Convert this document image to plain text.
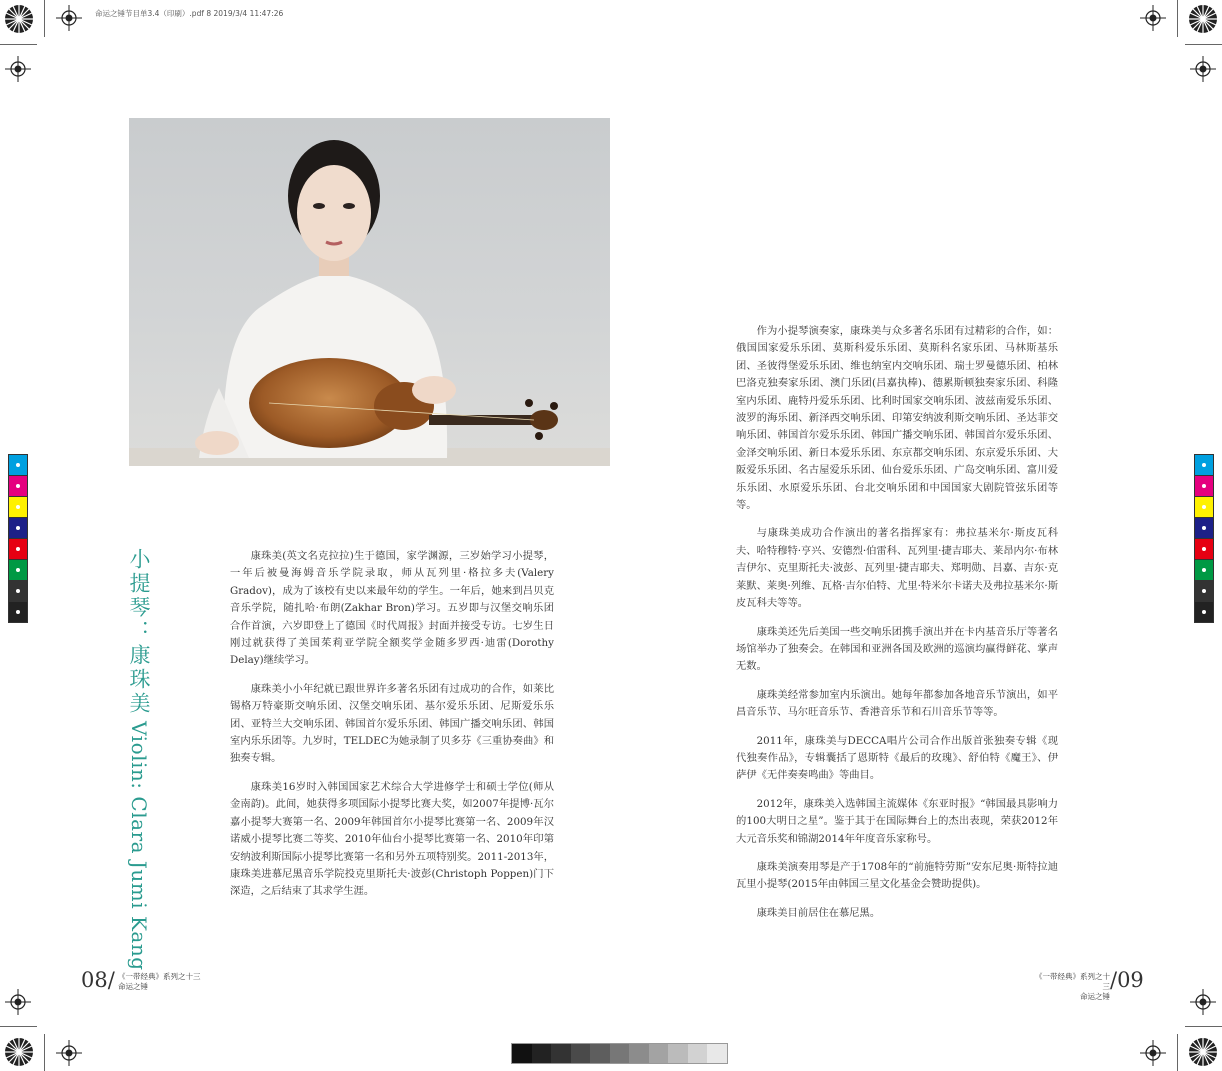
命运之锤节目单3.4（印刷）.pdf 8 2019/3/4 11:47:26
小提琴：康珠美 Violin: Clara Jumi Kang

康珠美(英文名克拉拉)生于德国，家学渊源，三岁始学习小提琴，一年后被曼海姆音乐学院录取，师从瓦列里·格拉多夫(Valery Gradov)，成为了该校有史以来最年幼的学生。一年后，她来到吕贝克音乐学院，随扎哈·布朗(Zakhar Bron)学习。五岁即与汉堡交响乐团合作首演，六岁即登上了德国《时代周报》封面并接受专访。七岁生日刚过就获得了美国茱莉亚学院全额奖学金随多罗西·迪雷(Dorothy Delay)继续学习。

康珠美小小年纪就已跟世界许多著名乐团有过成功的合作，如莱比锡格万特豪斯交响乐团、汉堡交响乐团、基尔爱乐乐团、尼斯爱乐乐团、亚特兰大交响乐团、韩国首尔爱乐乐团、韩国广播交响乐团、韩国室内乐乐团等。九岁时，TELDEC为她录制了贝多芬《三重协奏曲》和独奏专辑。

康珠美16岁时入韩国国家艺术综合大学进修学士和硕士学位(师从金南韵)。此间，她获得多项国际小提琴比赛大奖，如2007年提博·瓦尔嘉小提琴大赛第一名、2009年韩国首尔小提琴比赛第一名、2009年汉诺威小提琴比赛二等奖、2010年仙台小提琴比赛第一名、2010年印第安纳波利斯国际小提琴比赛第一名和另外五项特别奖。2011-2013年，康珠美进慕尼黑音乐学院投克里斯托夫·波彭(Christoph Poppen)门下深造，之后结束了其求学生涯。

作为小提琴演奏家，康珠美与众多著名乐团有过精彩的合作，如：俄国国家爱乐乐团、莫斯科爱乐乐团、莫斯科名家乐团、马林斯基乐团、圣彼得堡爱乐乐团、维也纳室内交响乐团、瑞士罗曼德乐团、柏林巴洛克独奏家乐团、澳门乐团(吕嘉执棒)、德累斯顿独奏家乐团、科隆室内乐团、鹿特丹爱乐乐团、比利时国家交响乐团、波兹南爱乐乐团、波罗的海乐团、新泽西交响乐团、印第安纳波利斯交响乐团、圣达菲交响乐团、韩国首尔爱乐乐团、韩国广播交响乐团、韩国首尔爱乐乐团、金泽交响乐团、新日本爱乐乐团、东京都交响乐团、东京爱乐乐团、大阪爱乐乐团、名古屋爱乐乐团、仙台爱乐乐团、广岛交响乐团、富川爱乐乐团、水原爱乐乐团、台北交响乐团和中国国家大剧院管弦乐团等等。

与康珠美成功合作演出的著名指挥家有：弗拉基米尔·斯皮瓦科夫、哈特穆特·亨兴、安德烈·伯雷科、瓦列里·捷吉耶夫、莱昂内尔·布林吉伊尔、克里斯托夫·波彭、瓦列里·捷吉耶夫、郑明勋、吕嘉、吉东·克莱默、莱奥·列维、瓦格·吉尔伯特、尤里·特米尔卡诺夫及弗拉基米尔·斯皮瓦科夫等等。

康珠美还先后美国一些交响乐团携手演出并在卡内基音乐厅等著名场馆举办了独奏会。在韩国和亚洲各国及欧洲的巡演均赢得鲜花、掌声无数。

康珠美经常参加室内乐演出。她每年都参加各地音乐节演出，如平昌音乐节、马尔旺音乐节、香港音乐节和石川音乐节等等。

2011年，康珠美与DECCA唱片公司合作出版首张独奏专辑《现代独奏作品》，专辑囊括了恩斯特《最后的玫瑰》、舒伯特《魔王》、伊萨伊《无伴奏奏鸣曲》等曲目。

2012年，康珠美入选韩国主流媒体《东亚时报》“韩国最具影响力的100大明日之星”。鉴于其于在国际舞台上的杰出表现，荣获2012年大元音乐奖和锦湖2014年年度音乐家称号。

康珠美演奏用琴是产于1708年的“前施特劳斯”安东尼奥·斯特拉迪瓦里小提琴(2015年由韩国三星文化基金会赞助提供)。

康珠美目前居住在慕尼黑。

08/ 《一带经典》系列之十三
命运之锤
《一带经典》系列之十三
命运之锤
/09
